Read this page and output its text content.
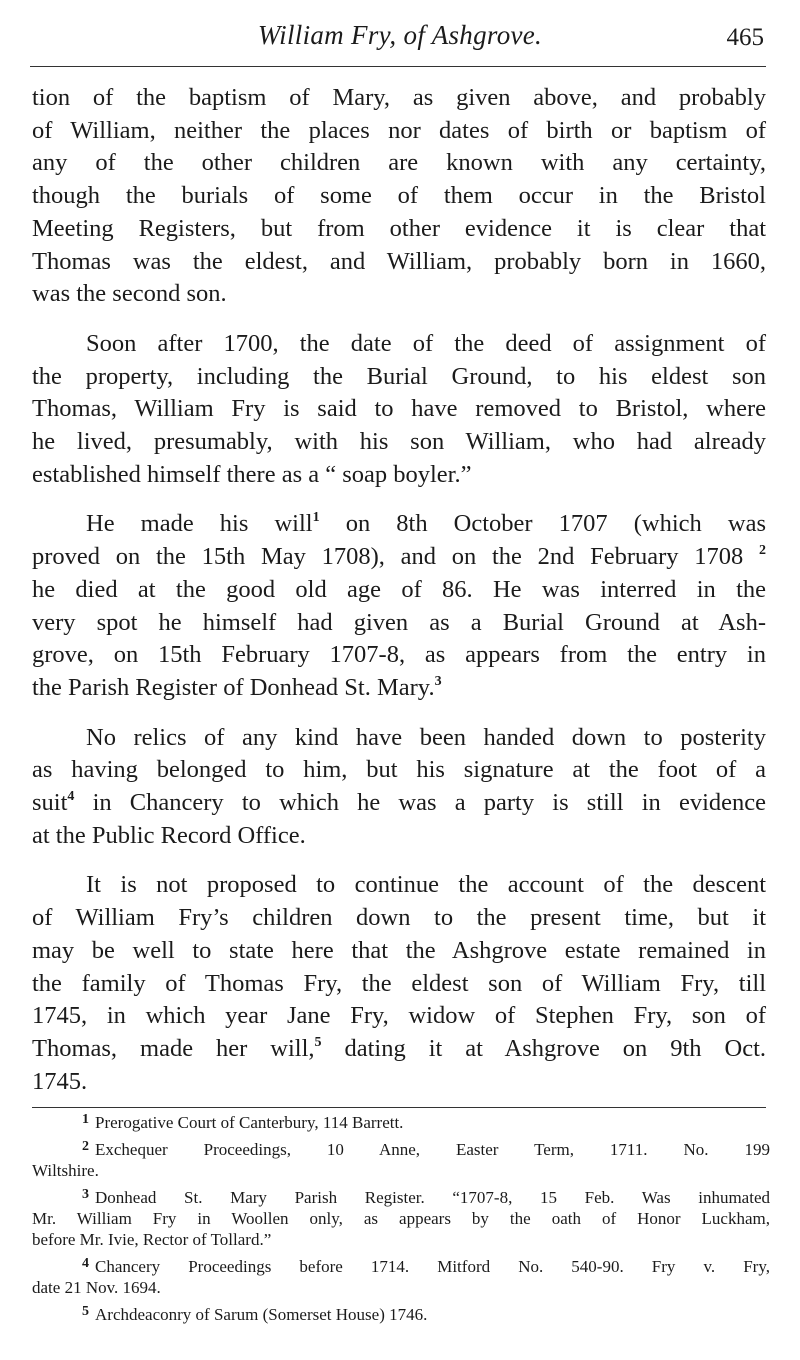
William Fry, of Ashgrove.	465
tion of the baptism of Mary, as given above, and probably
of William, neither the places nor dates of birth or baptism of
any of the other children are known with any certainty,
though the burials of some of them occur in the Bristol
Meeting Registers, but from other evidence it is clear that
Thomas was the eldest, and William, probably born in 1660,
was the second son.
Soon after 1700, the date of the deed of assignment of
the property, including the Burial Ground, to his eldest son
Thomas, William Fry is said to have removed to Bristol, where
he lived, presumably, with his son William, who had already
established himself there as a “ soap boyler.”
He made his will$^1$ on 8th October 1707 (which was
proved on the 15th May 1708), and on the 2nd February 1708 $^2$
he died at the good old age of 86. He was interred in the
very spot he himself had given as a Burial Ground at Ash-
grove, on 15th February 1707-8, as appears from the entry in
the Parish Register of Donhead St. Mary.$^3$
No relics of any kind have been handed down to posterity
as having belonged to him, but his signature at the foot of a
suit$^4$ in Chancery to which he was a party is still in evidence
at the Public Record Office.
It is not proposed to continue the account of the descent
of William Fry’s children down to the present time, but it
may be well to state here that the Ashgrove estate remained in
the family of Thomas Fry, the eldest son of William Fry, till
1745, in which year Jane Fry, widow of Stephen Fry, son of
Thomas, made her will,$^5$ dating it at Ashgrove on 9th Oct.
1745.
$^1$ Prerogative Court of Canterbury, 114 Barrett.
$^2$ Exchequer Proceedings, 10 Anne, Easter Term, 1711. No. 199
Wiltshire.
$^3$ Donhead St. Mary Parish Register. “1707-8, 15 Feb. Was inhumated
Mr. William Fry in Woollen only, as appears by the oath of Honor Luckham,
before Mr. Ivie, Rector of Tollard.”
$^4$ Chancery Proceedings before 1714. Mitford No. 540-90. Fry v. Fry,
date 21 Nov. 1694.
$^5$ Archdeaconry of Sarum (Somerset House) 1746.
